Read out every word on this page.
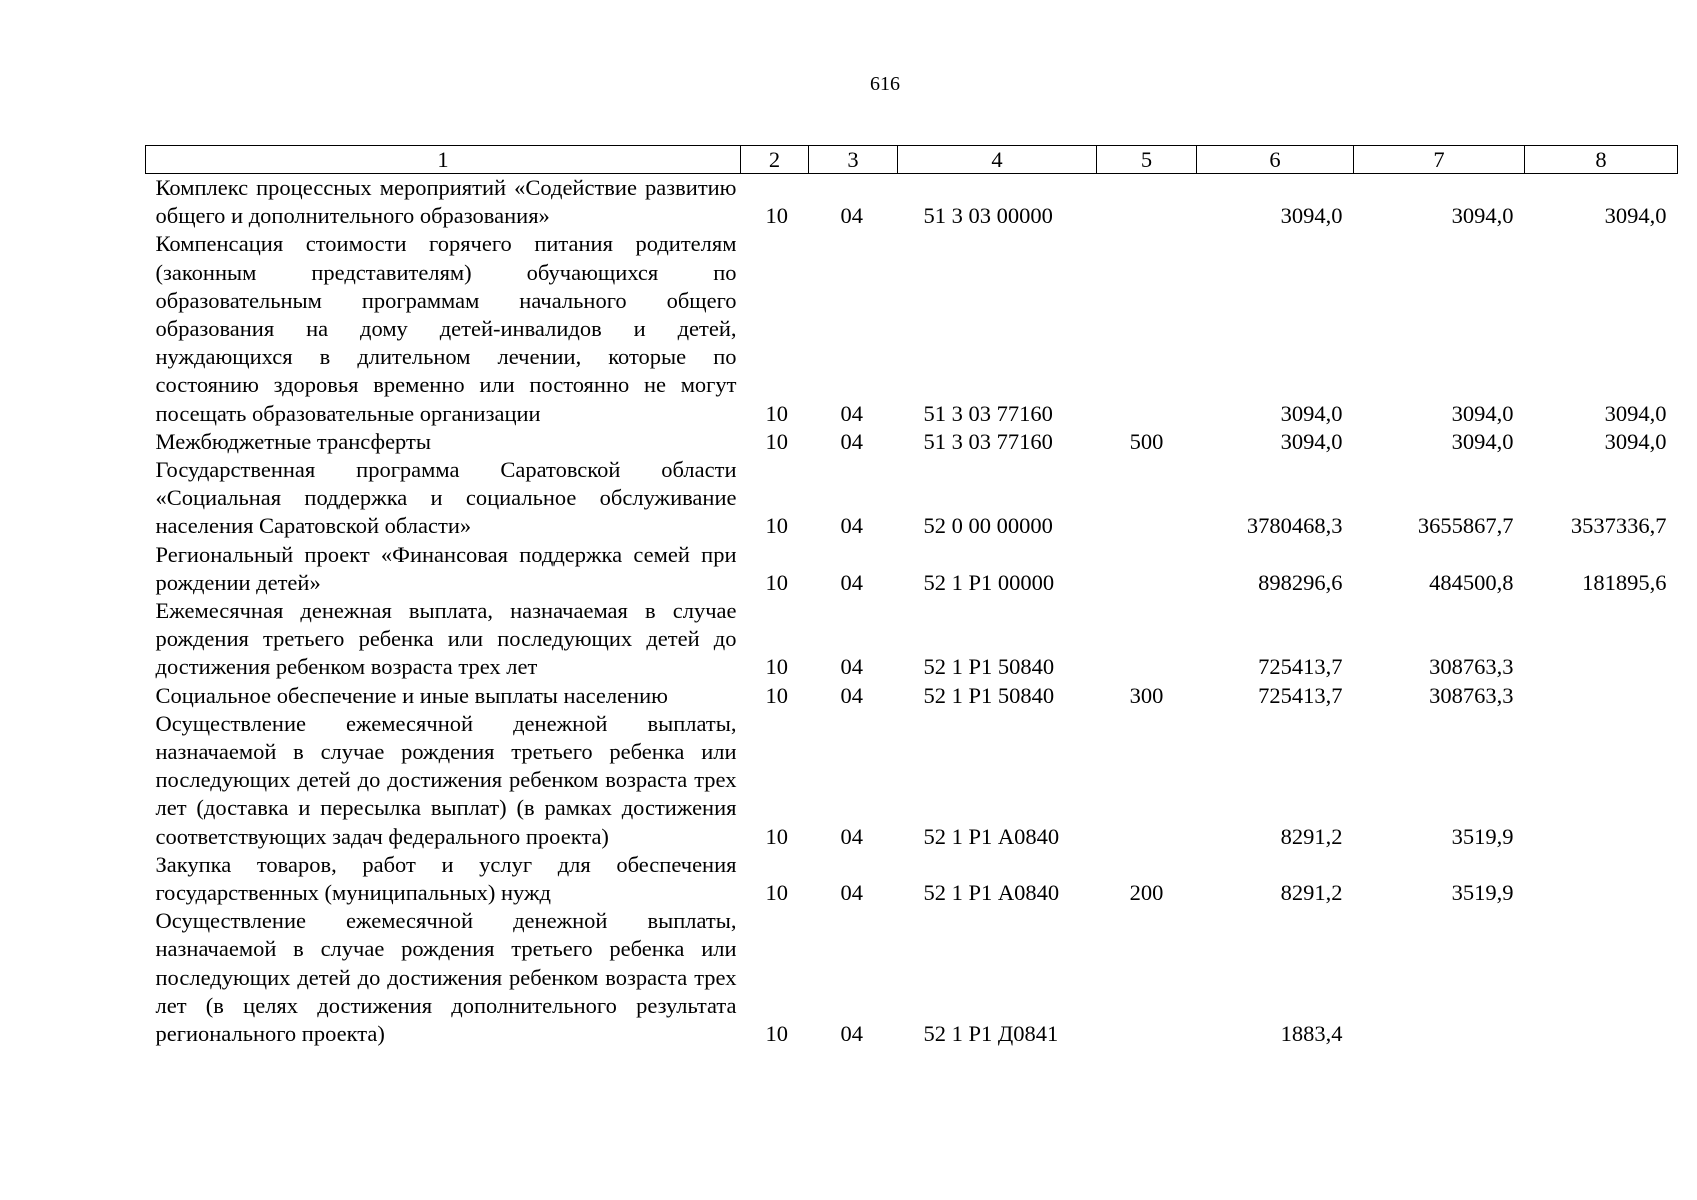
616
1	2	3	4	5	6	7	8
Комплекс процессных мероприятий «Содействие развитию общего и дополнительного образования»	10	04	51 3 03 00000		3094,0	3094,0	3094,0
Компенсация стоимости горячего питания родителям (законным представителям) обучающихся по образовательным программам начального общего образования на дому детей-инвалидов и детей, нуждающихся в длительном лечении, которые по состоянию здоровья временно или постоянно не могут посещать образовательные организации	10	04	51 3 03 77160		3094,0	3094,0	3094,0
Межбюджетные трансферты	10	04	51 3 03 77160	500	3094,0	3094,0	3094,0
Государственная программа Саратовской области «Социальная поддержка и социальное обслуживание населения Саратовской области»	10	04	52 0 00 00000		3780468,3	3655867,7	3537336,7
Региональный проект «Финансовая поддержка семей при рождении детей»	10	04	52 1 Р1 00000		898296,6	484500,8	181895,6
Ежемесячная денежная выплата, назначаемая в случае рождения третьего ребенка или последующих детей до достижения ребенком возраста трех лет	10	04	52 1 Р1 50840		725413,7	308763,3	
Социальное обеспечение и иные выплаты населению	10	04	52 1 Р1 50840	300	725413,7	308763,3	
Осуществление ежемесячной денежной выплаты, назначаемой в случае рождения третьего ребенка или последующих детей до достижения ребенком возраста трех лет (доставка и пересылка выплат) (в рамках достижения соответствующих задач федерального проекта)	10	04	52 1 Р1 А0840		8291,2	3519,9	
Закупка товаров, работ и услуг для обеспечения государственных (муниципальных) нужд	10	04	52 1 Р1 А0840	200	8291,2	3519,9	
Осуществление ежемесячной денежной выплаты, назначаемой в случае рождения третьего ребенка или последующих детей до достижения ребенком возраста трех лет (в целях достижения дополнительного результата регионального проекта)	10	04	52 1 Р1 Д0841		1883,4		
